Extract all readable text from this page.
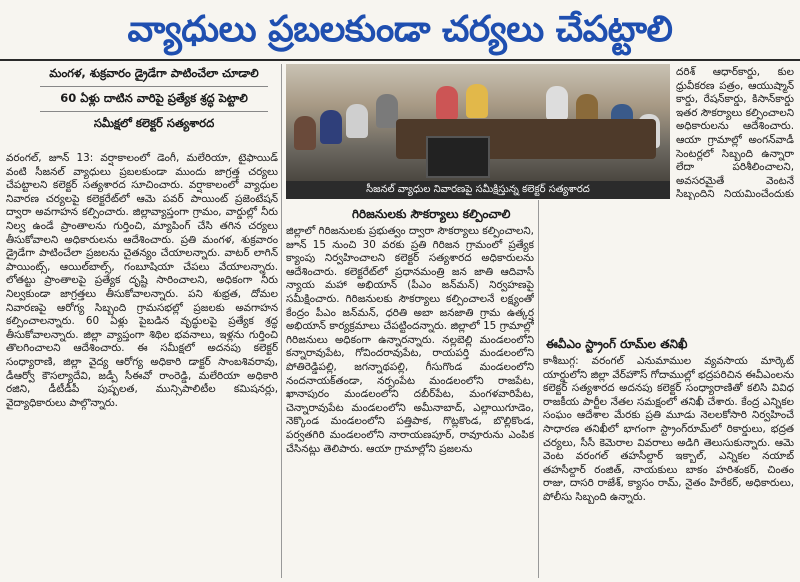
వ్యాధులు ప్రబలకుండా చర్యలు చేపట్టాలి
మంగళ, శుక్రవారం డ్రైడేగా పాటించేలా చూడాలి
60 ఏళ్లు దాటిన వారిపై ప్రత్యేక శ్రద్ధ పెట్టాలి
సమీక్షలో కలెక్టర్ సత్యశారద
సీజనల్ వ్యాధుల నివారణపై సమీక్షిస్తున్న కలెక్టర్ సత్యశారద

వరంగల్, జూన్ 13: వర్షాకాలంలో డెంగీ, మలేరియా, టైఫాయిడ్ వంటి సీజనల్ వ్యాధులు ప్రబలకుండా ముందు జాగ్రత్త చర్యలు చేపట్టాలని కలెక్టర్ సత్యశారద సూచించారు. వర్షాకాలంలో వ్యాధుల నివారణ చర్యలపై కలెక్టరేట్‌లో ఆమె పవర్ పాయింట్ ప్రజెంటేషన్ ద్వారా అవగాహన కల్పించారు. జిల్లావ్యాప్తంగా గ్రామం, వార్డుల్లో నీరు నిల్వ ఉండే ప్రాంతాలను గుర్తించి, మ్యాపింగ్ చేసి తగిన చర్యలు తీసుకోవాలని అధికారులను ఆదేశించారు. ప్రతి మంగళ, శుక్రవారం డ్రైడేగా పాటించేలా ప్రజలను చైతన్యం చేయాలన్నారు. వాటర్ లాగిన్ పాయింట్స్, ఆయిల్‌బాల్స్, గంబూషియా చేపలు వేయాలన్నారు. లోతట్టు ప్రాంతాలపై ప్రత్యేక దృష్టి సారించాలని, అధికంగా నీరు నిల్వకుండా జాగ్రత్తలు తీసుకోవాలన్నారు. పని శుభ్రత, దోమల నివారణపై ఆరోగ్య సిబ్బంది గ్రామసభల్లో ప్రజలకు అవగాహన కల్పించాలన్నారు. 60 ఏళ్లు పైబడిన వృద్ధులపై ప్రత్యేక శ్రద్ధ తీసుకోవాలన్నారు. జిల్లా వ్యాప్తంగా శిథిల భవనాలు, ఇళ్లను గుర్తించి తొలగించాలని ఆదేశించారు. ఈ సమీక్షలో అదనపు కలెక్టర్ సంధ్యారాణి, జిల్లా వైద్య ఆరోగ్య అధికారి డాక్టర్ సాంబశివరావు, డీఆర్వో కౌసల్యాదేవి, జడ్పీ సీఈవో రాంరెడ్డి, మలేరియా అధికారి రజిని, డీటీడీపీ పుష్పలత, మున్సిపాలిటీల కమిషనర్లు, వైద్యాధికారులు పాల్గొన్నారు.

గిరిజనులకు సౌకర్యాలు కల్పించాలి

జిల్లాలో గిరిజనులకు ప్రభుత్వం ద్వారా సౌకర్యాలు కల్పించాలని, జూన్ 15 నుంచి 30 వరకు ప్రతి గిరిజన గ్రామంలో ప్రత్యేక క్యాంపు నిర్వహించాలని కలెక్టర్ సత్యశారద అధికారులను ఆదేశించారు. కలెక్టరేట్‌లో ప్రధానమంత్రి జన జాతి ఆదివాసీ న్యాయ మహా అభియాన్ (పీఎం జన్‌మన్) నిర్వహణపై సమీక్షించారు. గిరిజనులకు సౌకర్యాలు కల్పించాలనే లక్ష్యంతో కేంద్రం పీఎం జన్‌మన్, ధరితి అబా జనజాతి గ్రామ ఉత్కర్ష అభియాన్ కార్యక్రమాలు చేపట్టిందన్నారు. జిల్లాలో 15 గ్రామాల్లో గిరిజనులు అధికంగా ఉన్నారన్నారు. నల్లబెల్లి మండలంలోని కన్నారావుపేట, గోవిందరావుపేట, రాయపర్తి మండలంలోని పోతిరెడ్డిపల్లి, జగన్నాథపల్లి, గీసుగొండ మండలంలోని నందనాయక్‌తండా, నర్సంపేట మండలంలోని రాజపేట, ఖానాపురం మండలంలోని దబీర్‌పేట, మంగళవారిపేట, చెన్నారావుపేట మండలంలోని అమీనాబాద్, ఎల్లాయిగూడెం, నెక్కొండ మండలంలోని పత్తిపాక, గొట్లకొండ, బొల్లికొండ, పర్వతగిరి మండలంలోని నారాయణపూర్, రావూరును ఎంపిక చేసినట్లు తెలిపారు. ఆయా గ్రామాల్లోని ప్రజలను

దరిశ్ ఆధార్‌కార్డు, కుల ధ్రువీకరణ పత్రం, ఆయుష్మాన్ కార్డు, రేషన్‌కార్డు, కిసాన్‌కార్డు ఇతర సౌకర్యాలు కల్పించాలని అధికారులను ఆదేశించారు. ఆయా గ్రామాల్లో అంగన్‌వాడీ సెంటర్లలో సిబ్బంది ఉన్నారా లేదా పరిశీలించాలని, అవసరమైతే వెంటనే సిబ్బందిని నియమించేందుకు

ఈవీఎం స్ట్రాంగ్ రూమ్‌ల తనిఖీ

కాశీబుగ్గ: వరంగల్ ఎనుమాముల వ్యవసాయ మార్కెట్ యార్డులోని జిల్లా వేర్‌హౌస్ గోదాముల్లో భద్రపరిచిన ఈవీఎంలను కలెక్టర్ సత్యశారద అదనపు కలెక్టర్ సంధ్యారాణితో కలిసి వివిధ రాజకీయ పార్టీల నేతల సమక్షంలో తనిఖీ చేశారు. కేంద్ర ఎన్నికల సంఘం ఆదేశాల మేరకు ప్రతి మూడు నెలలకోసారి నిర్వహించే సాధారణ తనిఖీలో భాగంగా స్ట్రాంగ్‌రూమ్‌లో రికార్డులు, భద్రత చర్యలు, సీసీ కెమెరాల వివరాలు అడిగి తెలుసుకున్నారు. ఆమె వెంట వరంగల్ తహసీల్దార్ ఇక్బాల్, ఎన్నికల నయాబ్ తహసీల్దార్ రంజిత్, నాయకులు బాకం హరిశంకర్, చింతం రాజు, దాసరి రాజేశ్, క్యాసం రామ్, నైతం హిరేకర్, అధికారులు, పోలీసు సిబ్బంది ఉన్నారు.
